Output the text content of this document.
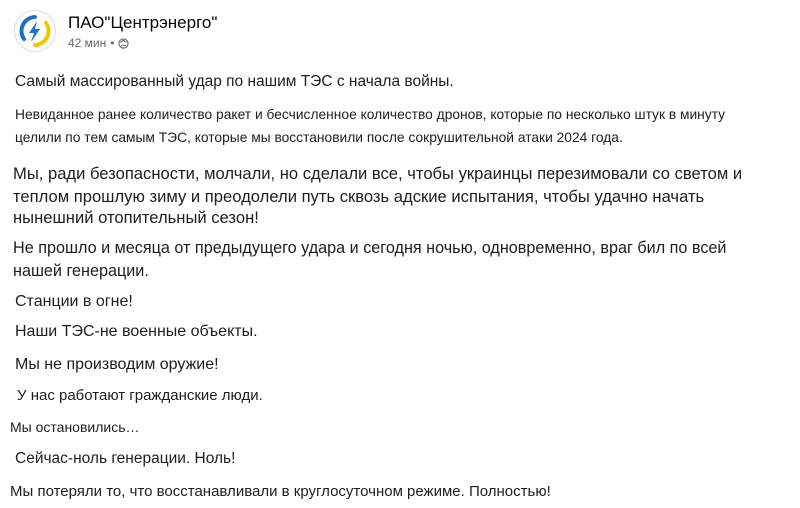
ПАО"Центрэнерго"
42 мин •
Самый массированный удар по нашим ТЭС с начала войны.
Невиданное ранее количество ракет и бесчисленное количество дронов, которые по несколько штук в минуту
целили по тем самым ТЭС, которые мы восстановили после сокрушительной атаки 2024 года.
Мы, ради безопасности, молчали, но сделали все, чтобы украинцы перезимовали со светом и
теплом прошлую зиму и преодолели путь сквозь адские испытания, чтобы удачно начать
нынешний отопительный сезон!
Не прошло и месяца от предыдущего удара и сегодня ночью, одновременно, враг бил по всей
нашей генерации.
Станции в огне!
Наши ТЭС-не военные объекты.
Мы не производим оружие!
У нас работают гражданские люди.
Мы остановились…
Сейчас-ноль генерации. Ноль!
Мы потеряли то, что восстанавливали в круглосуточном режиме. Полностью!
